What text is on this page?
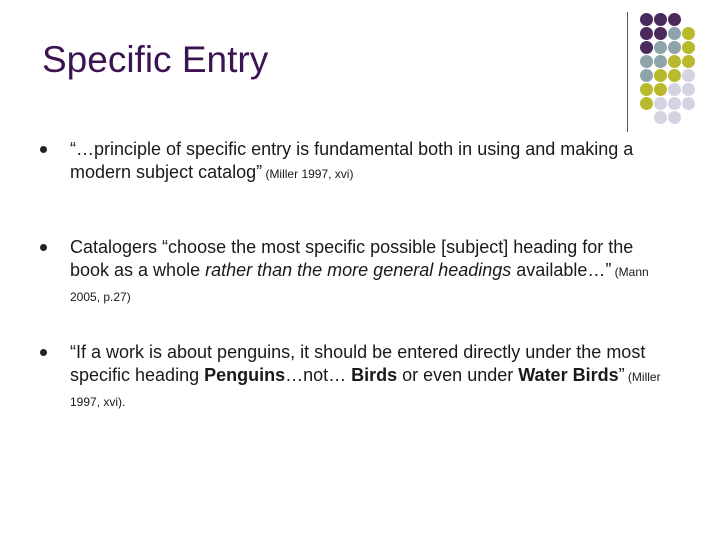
Specific Entry
“…principle of specific entry is fundamental both in using and making a modern subject catalog” (Miller 1997, xvi)
Catalogers “choose the most specific possible [subject] heading for the book as a whole rather than the more general headings available…” (Mann 2005, p.27)
“If a work is about penguins, it should be entered directly under the most specific heading Penguins…not… Birds or even under Water Birds” (Miller 1997, xvi).
